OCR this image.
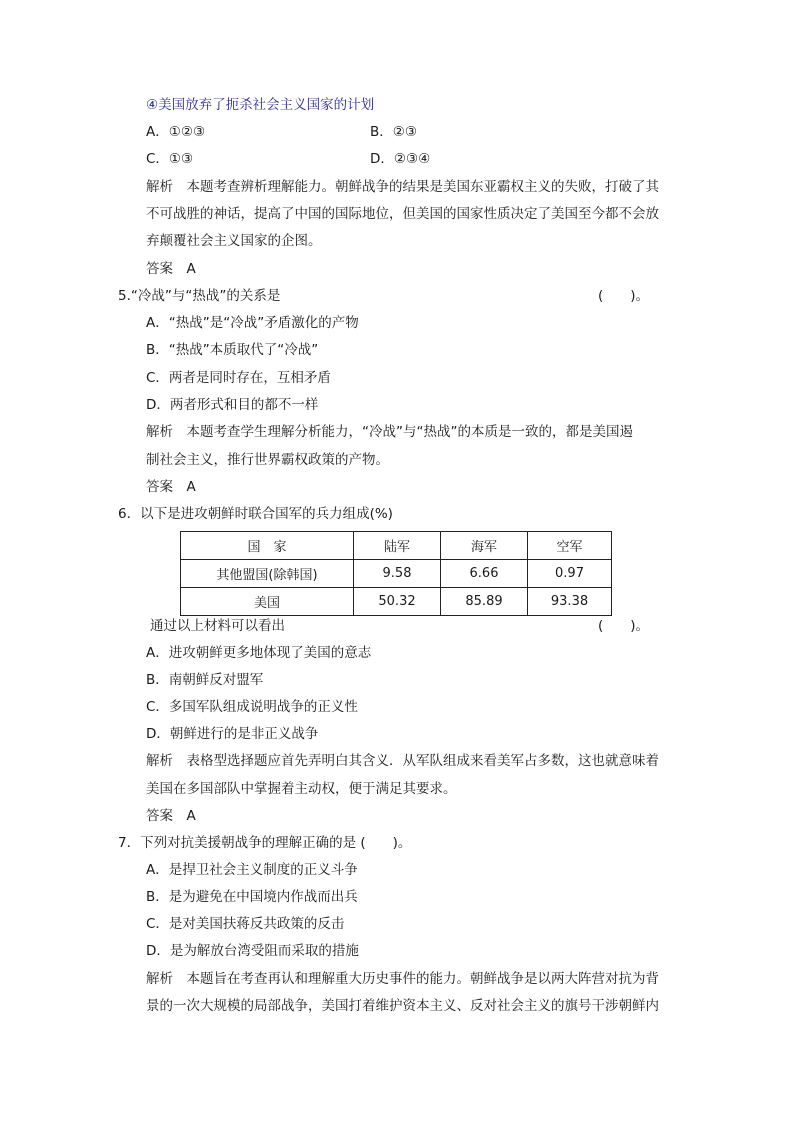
④美国放弃了扼杀社会主义国家的计划
A．①②③	B．②③
C．①③	D．②③④
解析　本题考查辨析理解能力。朝鲜战争的结果是美国东亚霸权主义的失败，打破了其
不可战胜的神话，提高了中国的国际地位，但美国的国家性质决定了美国至今都不会放
弃颠覆社会主义国家的企图。
答案　A
5.“冷战”与“热战”的关系是	(　　)。
A．“热战”是“冷战”矛盾激化的产物
B．“热战”本质取代了“冷战”
C．两者是同时存在，互相矛盾
D．两者形式和目的都不一样
解析　本题考查学生理解分析能力，“冷战”与“热战”的本质是一致的，都是美国遏
制社会主义，推行世界霸权政策的产物。
答案　A
6．以下是进攻朝鲜时联合国军的兵力组成(%)
国　家	陆军	海军	空军
其他盟国(除韩国)	9.58	6.66	0.97
美国	50.32	85.89	93.38
通过以上材料可以看出	(　　)。
A．进攻朝鲜更多地体现了美国的意志
B．南朝鲜反对盟军
C．多国军队组成说明战争的正义性
D．朝鲜进行的是非正义战争
解析　表格型选择题应首先弄明白其含义．从军队组成来看美军占多数，这也就意味着
美国在多国部队中掌握着主动权，便于满足其要求。
答案　A
7．下列对抗美援朝战争的理解正确的是 (　　)。
A．是捍卫社会主义制度的正义斗争
B．是为避免在中国境内作战而出兵
C．是对美国扶蒋反共政策的反击
D．是为解放台湾受阻而采取的措施
解析　本题旨在考查再认和理解重大历史事件的能力。朝鲜战争是以两大阵营对抗为背
景的一次大规模的局部战争，美国打着维护资本主义、反对社会主义的旗号干涉朝鲜内
